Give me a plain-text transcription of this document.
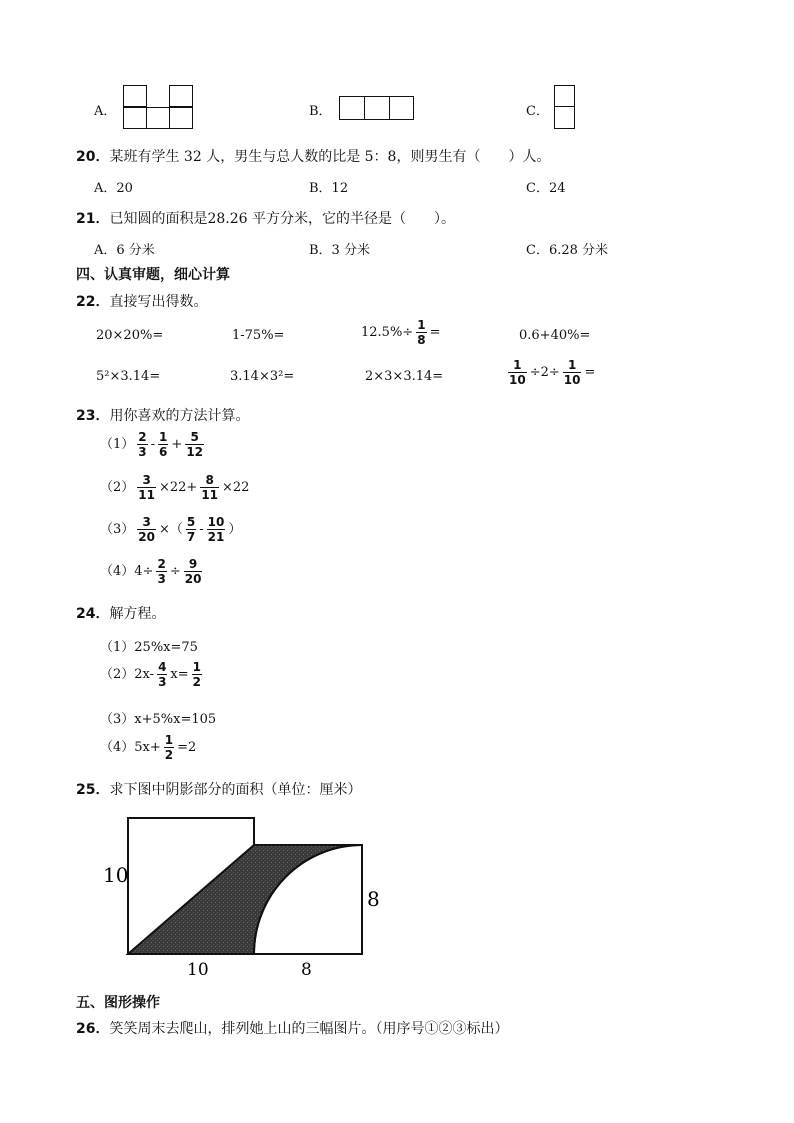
A．	B．	C．
20．某班有学生 32 人，男生与总人数的比是 5：8，则男生有（　　）人。
A．20	B．12	C．24
21．已知圆的面积是28.26 平方分米，它的半径是（　　）。
A．6 分米	B．3 分米	C．6.28 分米
四、认真审题，细心计算
22．直接写出得数。
20×20%=	1-75%=	$12.5\%\div \frac{1}{8}$ =	0.6+40%=
5²×3.14=	3.14×3²=	2×3×3.14=	$\frac{1}{10} \div 2\div \frac{1}{10}$ =
23．用你喜欢的方法计算。
$(1) \frac{2}{3} - \frac{1}{6} + \frac{5}{12}$
$(2) \frac{3}{11} \times 22+ \frac{8}{11} \times 22$
$(3) \frac{3}{20}$ ×（ $\frac{5}{7} - \frac{10}{21}$ ）
$(4)4\div \frac{2}{3} \div \frac{9}{20}$
24．解方程。
（1）25%x=75
$(2)2x- \frac{4}{3} x= \frac{1}{2}$
（3）x+5%x=105
$(4)5x+ \frac{1}{2} =2$
25．求下图中阴影部分的面积（单位：厘米）
10
8
10	8
五、图形操作
26．笑笑周末去爬山，排列她上山的三幅图片。（用序号①②③标出）
